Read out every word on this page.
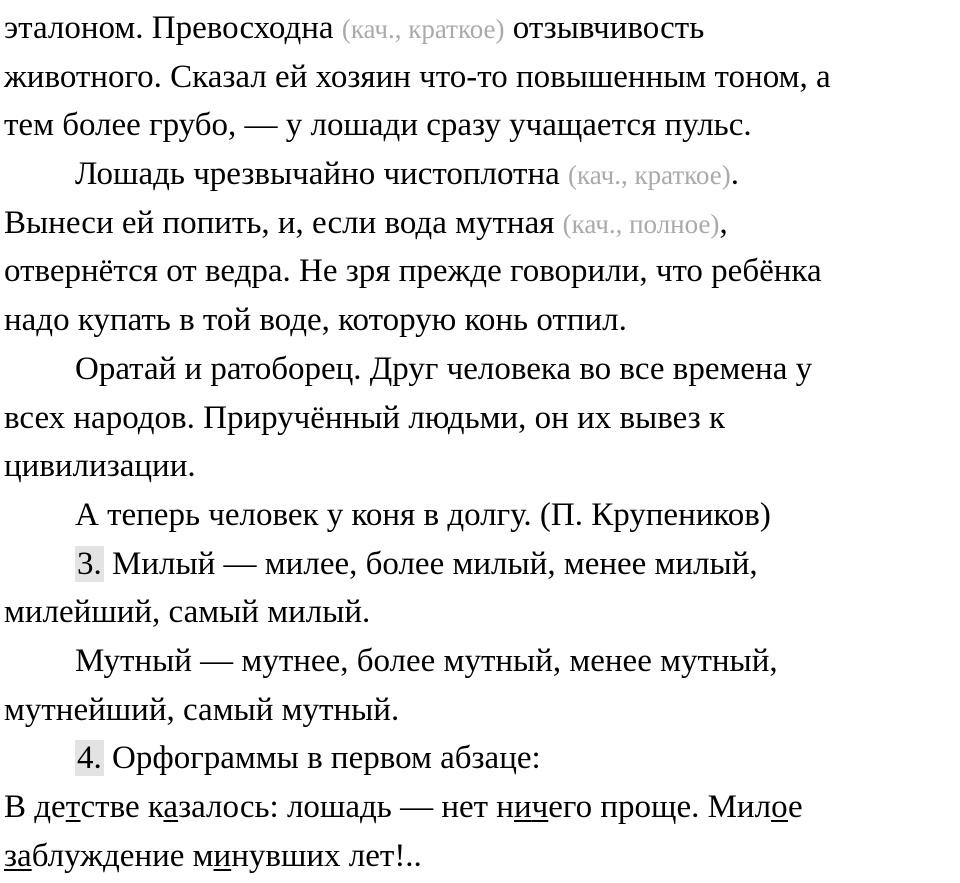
эталоном. Превосходна (кач., краткое) отзывчивость
животного. Сказал ей хозяин что-то повышенным тоном, а
тем более грубо, — у лошади сразу учащается пульс.
Лошадь чрезвычайно чистоплотна (кач., краткое).
Вынеси ей попить, и, если вода мутная (кач., полное),
отвернётся от ведра. Не зря прежде говорили, что ребёнка
надо купать в той воде, которую конь отпил.
Оратай и ратоборец. Друг человека во все времена у
всех народов. Приручённый людьми, он их вывез к
цивилизации.
А теперь человек у коня в долгу. (П. Крупеников)
3. Милый — милее, более милый, менее милый,
милейший, самый милый.
Мутный — мутнее, более мутный, менее мутный,
мутнейший, самый мутный.
4. Орфограммы в первом абзаце:
В детстве казалось: лошадь — нет ничего проще. Милое
заблуждение минувших лет!..
